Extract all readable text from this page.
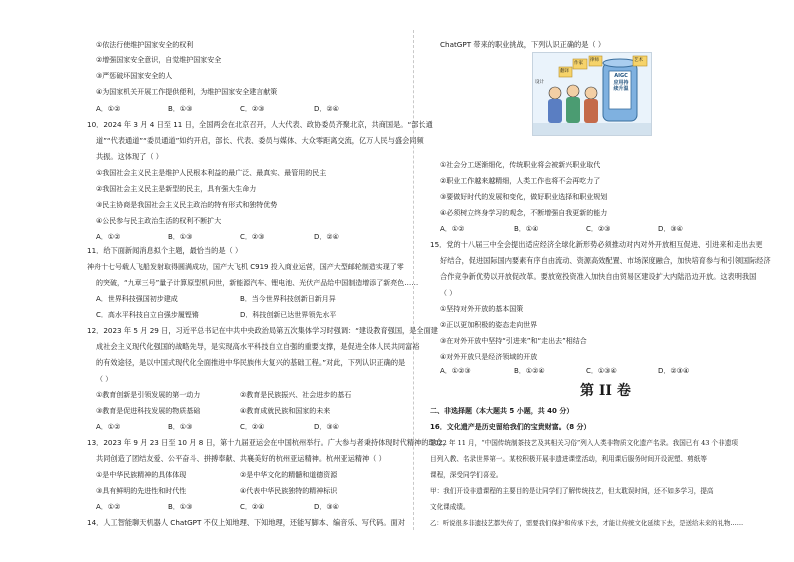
①依法行使维护国家安全的权利
②增强国家安全意识，自觉维护国家安全
③严惩破坏国家安全的人
④为国家机关开展工作提供便利，为维护国家安全建言献策
A．①②	B．①③	C．②③	D．②④
10．2024 年 3 月 4 日至 11 日，全国两会在北京召开，人大代表、政协委员齐聚北京，共商国是。“部长通
道”“代表通道”“委员通道”如约开启，部长、代表、委员与媒体、大众零距离交流，亿万人民与盛会同频
共振。这体现了（ ）
①我国社会主义民主是维护人民根本利益的最广泛、最真实、最管用的民主
②我国社会主义民主是新型的民主，具有强大生命力
③民主协商是我国社会主义民主政治的特有形式和独特优势
④公民参与民主政治生活的权利不断扩大
A．①②	B．①③	C．②③	D．②④
11．给下面新闻消息拟个主题，最恰当的是（ ）
神舟十七号载人飞船发射取得圆满成功，国产大飞机 C919 投入商业运营，国产大型邮轮制造实现了零
的突破，“九章三号”量子计算原型机问世，新能源汽车、锂电池、光伏产品给中国制造增添了新亮色……
A．世界科技强国初步建成	B．当今世界科技创新日新月异
C．高水平科技自立自强步履铿锵	D．科技创新已达世界领先水平
12．2023 年 5 月 29 日，习近平总书记在中共中央政治局第五次集体学习时强调：“建设教育强国，是全面建
成社会主义现代化强国的战略先导，是实现高水平科技自立自强的重要支撑，是促进全体人民共同富裕
的有效途径，是以中国式现代化全面推进中华民族伟大复兴的基础工程。”对此，下列认识正确的是
（ ）
①教育创新是引领发展的第一动力	②教育是民族振兴、社会进步的基石
③教育是促进科技发展的物质基础	④教育成就民族和国家的未来
A．①②	B．①③	C．②④	D．③④
13．2023 年 9 月 23 日至 10 月 8 日，第十九届亚运会在中国杭州举行。广大参与者秉持体现时代精神的理念，
共同创造了团结友爱、公平奋斗、拼搏奉献、共襄美好的杭州亚运精神。杭州亚运精神（ ）
①是中华民族精神的具体体现	②是中华文化的精髓和道德资源
③具有鲜明的先进性和时代性	④代表中华民族独特的精神标识
A．①②	B．①③	C．②④	D．③④
14．人工智能聊天机器人 ChatGPT 不仅上知地理、下知地理，还能写脚本、编音乐、写代码。面对
ChatGPT 带来的职业挑战，下列认识正确的是（ ）
AIGC 应用持续升温
作家
律师
翻译
艺术
设计
①社会分工逐渐细化，传统职业将会被新兴职业取代
②职业工作越来越精细，人类工作也将不会再吃力了
③要做好时代的发展和变化，做好职业选择和职业规划
④必须树立终身学习的观念，不断增强自我更新的能力
A．①②	B．①④	C．②③	D．③④
15．党的十八届三中全会提出适应经济全球化新形势必须推动对内对外开放相互促进、引进来和走出去更
好结合，促进国际国内要素有序自由流动、资源高效配置、市场深度融合，加快培育参与和引领国际经济
合作竞争新优势以开放促改革。要放宽投资准入加快自由贸易区建设扩大内陆沿边开放。这表明我国
（ ）
①坚持对外开放的基本国策
②正以更加积极的姿态走向世界
③在对外开放中坚持“引进来”和“走出去”相结合
④对外开放只是经济领域的开放
A．①②③	B．①②④	C．①③④	D．②③④
第 II 卷
二、非选择题（本大题共 5 小题，共 40 分）
16．文化遗产是历史留给我们的宝贵财富。（8 分）
2022 年 11 月，“中国传统制茶技艺及其相关习俗”列入人类非物质文化遗产名录。我国已有 43 个非遗项
目列入教、名录世界第一。某校积极开展非遗进课堂活动，利用课后服务时间开设泥塑、剪纸等
课程，深受同学们喜爱。
甲：我们开设非遗课程的主要目的是让同学们了解传统技艺，但太耽误时间，还不如多学习，提高
文化课成绩。
乙：听说很多非遗技艺都失传了，需要我们保护和传承下去，才能让传统文化延续下去，是送给未来的礼物……
